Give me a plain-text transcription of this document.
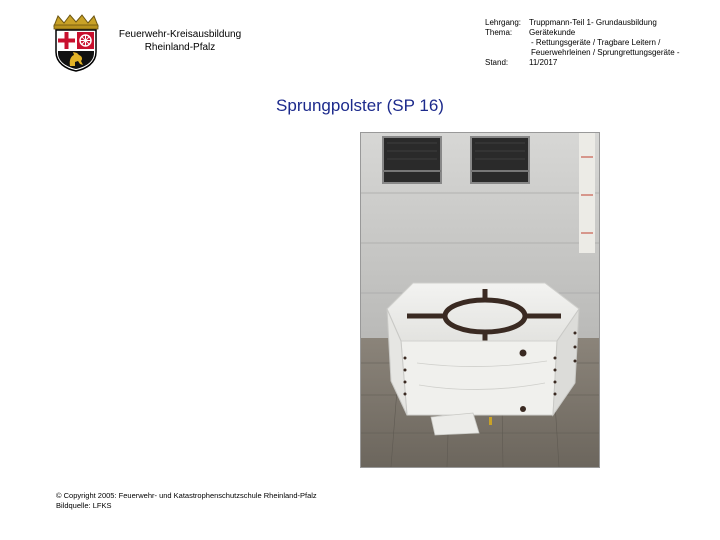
Feuerwehr-Kreisausbildung
Rheinland-Pfalz
Lehrgang: Truppmann-Teil 1- Grundausbildung
Thema:	Gerätekunde
- Rettungsgeräte / Tragbare Leitern /
Feuerwehrleinen / Sprungrettungsgeräte -
Stand:	11/2017
Sprungpolster (SP 16)
© Copyright 2005: Feuerwehr- und Katastrophenschutzschule Rheinland-Pfalz
Bildquelle: LFKS
